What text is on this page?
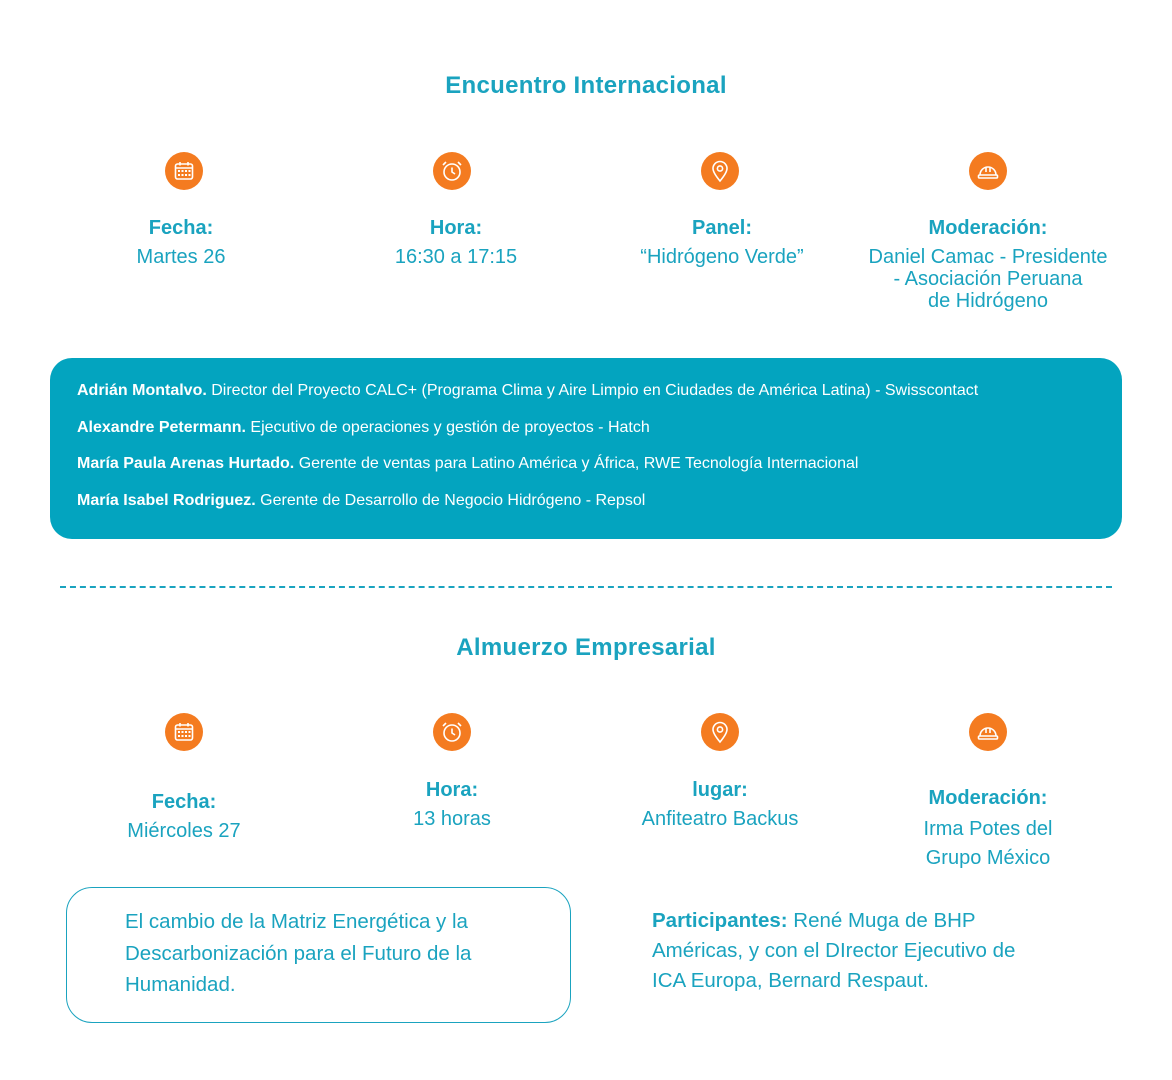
Encuentro Internacional
Fecha:
Martes 26
Hora:
16:30 a 17:15
Panel:
“Hidrógeno Verde”
Moderación:
Daniel Camac - Presidente
- Asociación Peruana
de Hidrógeno
Adrián Montalvo. Director del Proyecto CALC+ (Programa Clima y Aire Limpio en Ciudades de América Latina) - Swisscontact
Alexandre Petermann. Ejecutivo de operaciones y gestión de proyectos - Hatch
María Paula Arenas Hurtado. Gerente de ventas para Latino América y África, RWE Tecnología Internacional
María Isabel Rodriguez. Gerente de Desarrollo de Negocio Hidrógeno - Repsol
Almuerzo Empresarial
Fecha:
Miércoles 27
Hora:
13 horas
lugar:
Anfiteatro Backus
Moderación:
Irma Potes del
Grupo México
El cambio de la Matriz Energética y la
Descarbonización para el Futuro de la
Humanidad.
Participantes: René Muga de BHP
Américas, y con el DIrector Ejecutivo de
ICA Europa, Bernard Respaut.
